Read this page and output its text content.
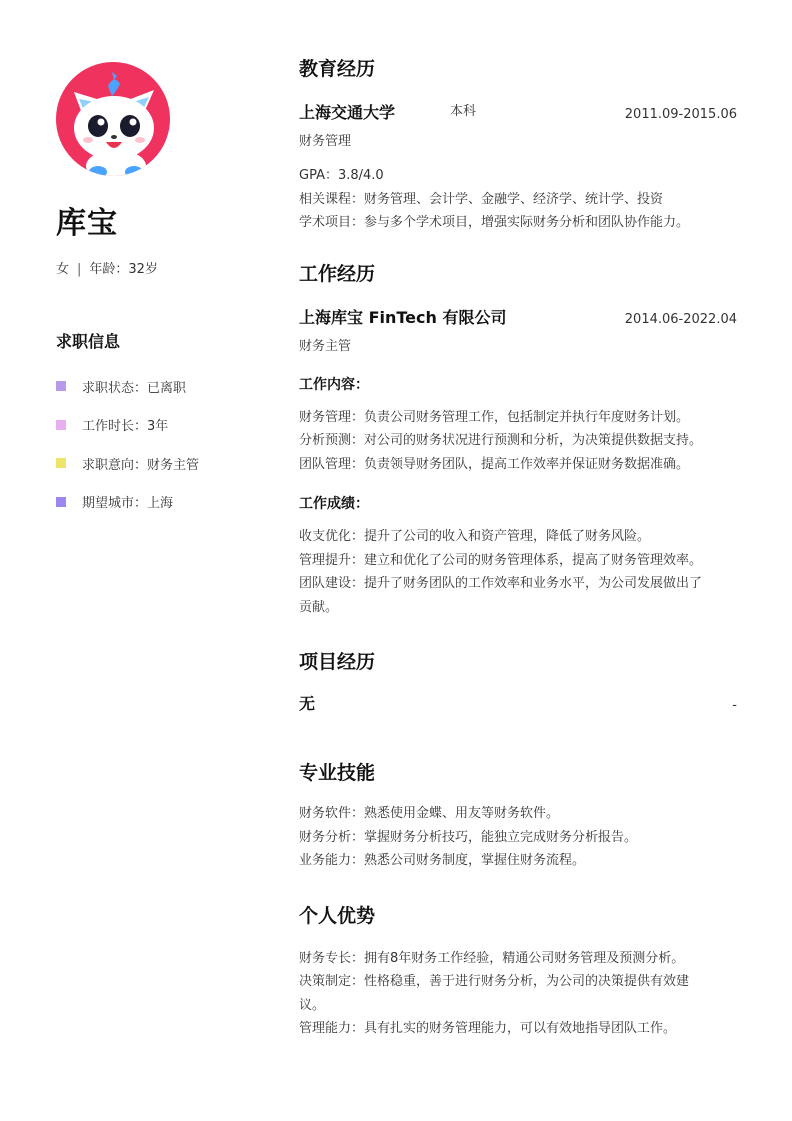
库宝
女 | 年龄：32岁
求职信息
求职状态：已离职
工作时长：3年
求职意向：财务主管
期望城市：上海
教育经历
上海交通大学	本科	2011.09-2015.06
财务管理
GPA：3.8/4.0
相关课程：财务管理、会计学、金融学、经济学、统计学、投资
学术项目：参与多个学术项目，增强实际财务分析和团队协作能力。
工作经历
上海库宝 FinTech 有限公司	2014.06-2022.04
财务主管
工作内容：
财务管理：负责公司财务管理工作，包括制定并执行年度财务计划。
分析预测：对公司的财务状况进行预测和分析，为决策提供数据支持。
团队管理：负责领导财务团队，提高工作效率并保证财务数据准确。
工作成绩：
收支优化：提升了公司的收入和资产管理，降低了财务风险。
管理提升：建立和优化了公司的财务管理体系，提高了财务管理效率。
团队建设：提升了财务团队的工作效率和业务水平，为公司发展做出了
贡献。
项目经历
无	-
专业技能
财务软件：熟悉使用金蝶、用友等财务软件。
财务分析：掌握财务分析技巧，能独立完成财务分析报告。
业务能力：熟悉公司财务制度，掌握住财务流程。
个人优势
财务专长：拥有8年财务工作经验，精通公司财务管理及预测分析。
决策制定：性格稳重，善于进行财务分析，为公司的决策提供有效建
议。
管理能力：具有扎实的财务管理能力，可以有效地指导团队工作。
